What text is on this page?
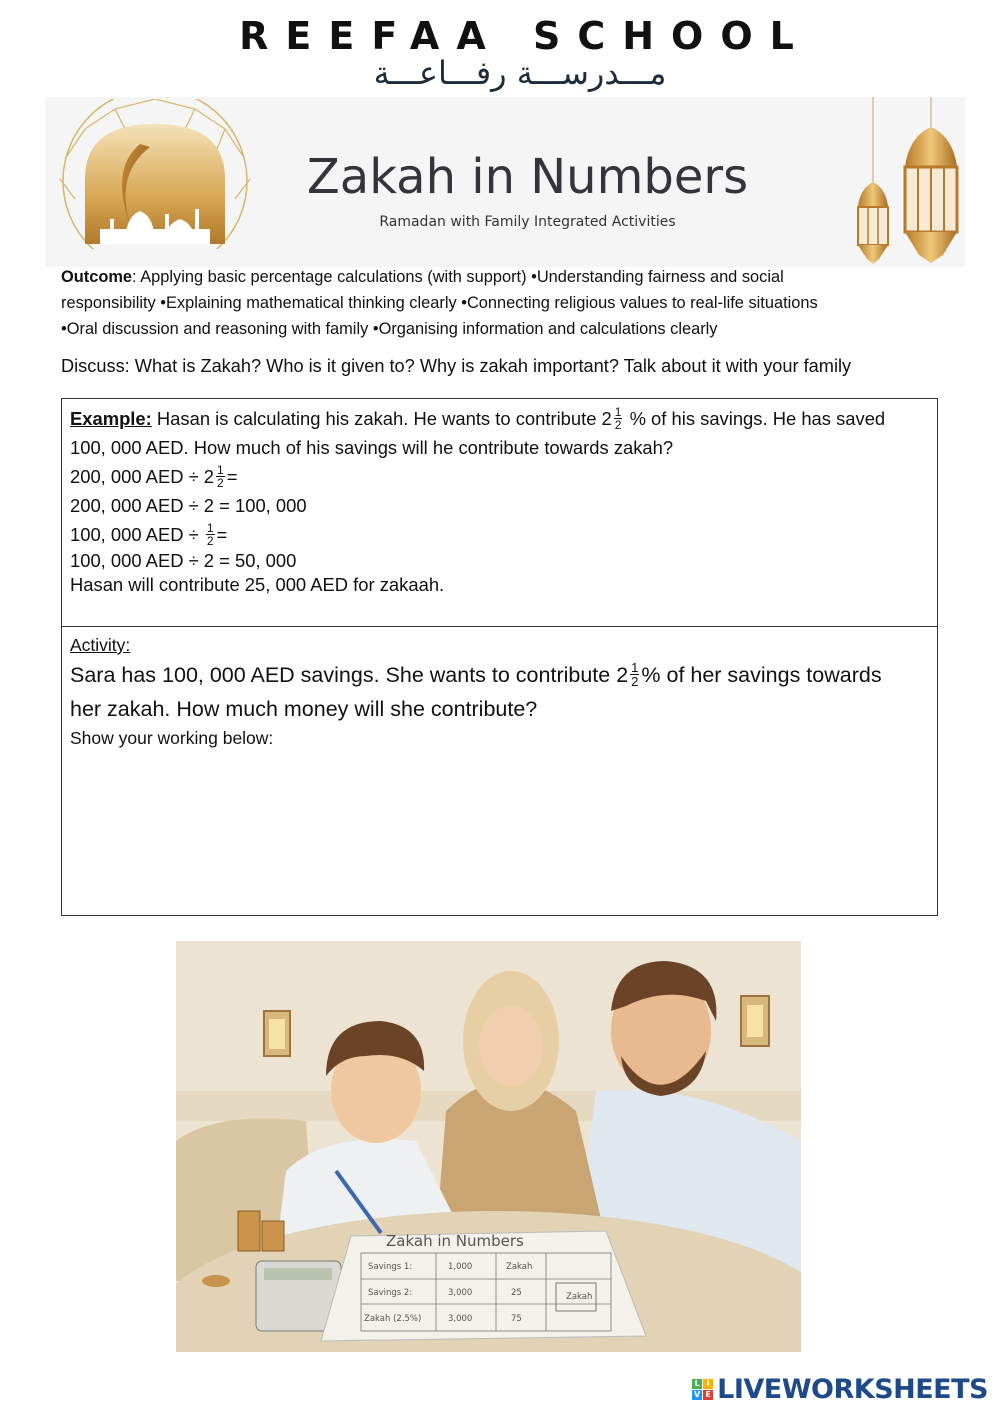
REEFAA SCHOOL
مـــدرســـة رفـــاعـــة
Zakah in Numbers
Ramadan with Family Integrated Activities
Outcome: Applying basic percentage calculations (with support) •Understanding fairness and social
responsibility •Explaining mathematical thinking clearly •Connecting religious values to real-life situations
•Oral discussion and reasoning with family •Organising information and calculations clearly
Discuss: What is Zakah? Who is it given to? Why is zakah important? Talk about it with your family
Example: Hasan is calculating his zakah. He wants to contribute $2 \frac{1}{2}$ % of his savings. He has saved
100, 000 AED. How much of his savings will he contribute towards zakah?
200, 000 AED ÷ $2 \frac{1}{2}$ =
200, 000 AED ÷ 2 = 100, 000
100, 000 AED ÷ $\frac{1}{2}$ =
100, 000 AED ÷ 2 = 50, 000
Hasan will contribute 25, 000 AED for zakaah.
Activity:
Sara has 100, 000 AED savings. She wants to contribute $2 \frac{1}{2}$ % of her savings towards
her zakah. How much money will she contribute?
Show your working below:
Zakah in Numbers
Savings 1:	1,000	Zakah
Savings 2:	3,000	25
Zakah (2.5%)	3,000	75
Zakah
L I
V E LIVEWORKSHEETS
